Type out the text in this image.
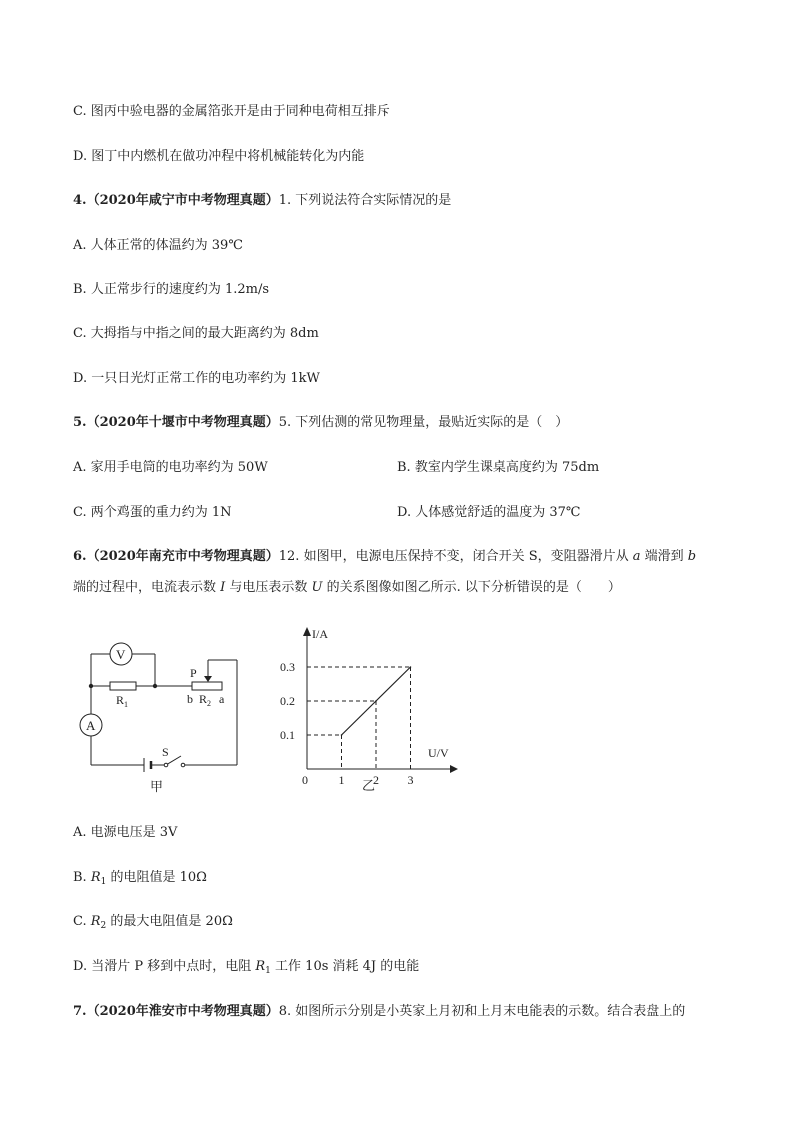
C. 图丙中验电器的金属箔张开是由于同种电荷相互排斥
D. 图丁中内燃机在做功冲程中将机械能转化为内能
4.（2020年咸宁市中考物理真题）1. 下列说法符合实际情况的是
A. 人体正常的体温约为 39℃
B. 人正常步行的速度约为 1.2m/s
C. 大拇指与中指之间的最大距离约为 8dm
D. 一只日光灯正常工作的电功率约为 1kW
5.（2020年十堰市中考物理真题）5. 下列估测的常见物理量，最贴近实际的是（　）
A. 家用手电筒的电功率约为 50W	B. 教室内学生课桌高度约为 75dm
C. 两个鸡蛋的重力约为 1N	D. 人体感觉舒适的温度为 37℃
6.（2020年南充市中考物理真题）12. 如图甲，电源电压保持不变，闭合开关 S，变阻器滑片从 a 端滑到 b
端的过程中，电流表示数 I 与电压表示数 U 的关系图像如图乙所示. 以下分析错误的是（　　）
V
A
$R_1$
P
b $R_2$ a
S
甲
I/A
U/V
0
0.1
0.2
0.3
1 2 3
乙
A. 电源电压是 3V
B. $R_1$ 的电阻值是 10Ω
C. $R_2$ 的最大电阻值是 20Ω
D. 当滑片 P 移到中点时，电阻 $R_1$ 工作 10s 消耗 4J 的电能
7.（2020年淮安市中考物理真题）8. 如图所示分别是小英家上月初和上月末电能表的示数。结合表盘上的
